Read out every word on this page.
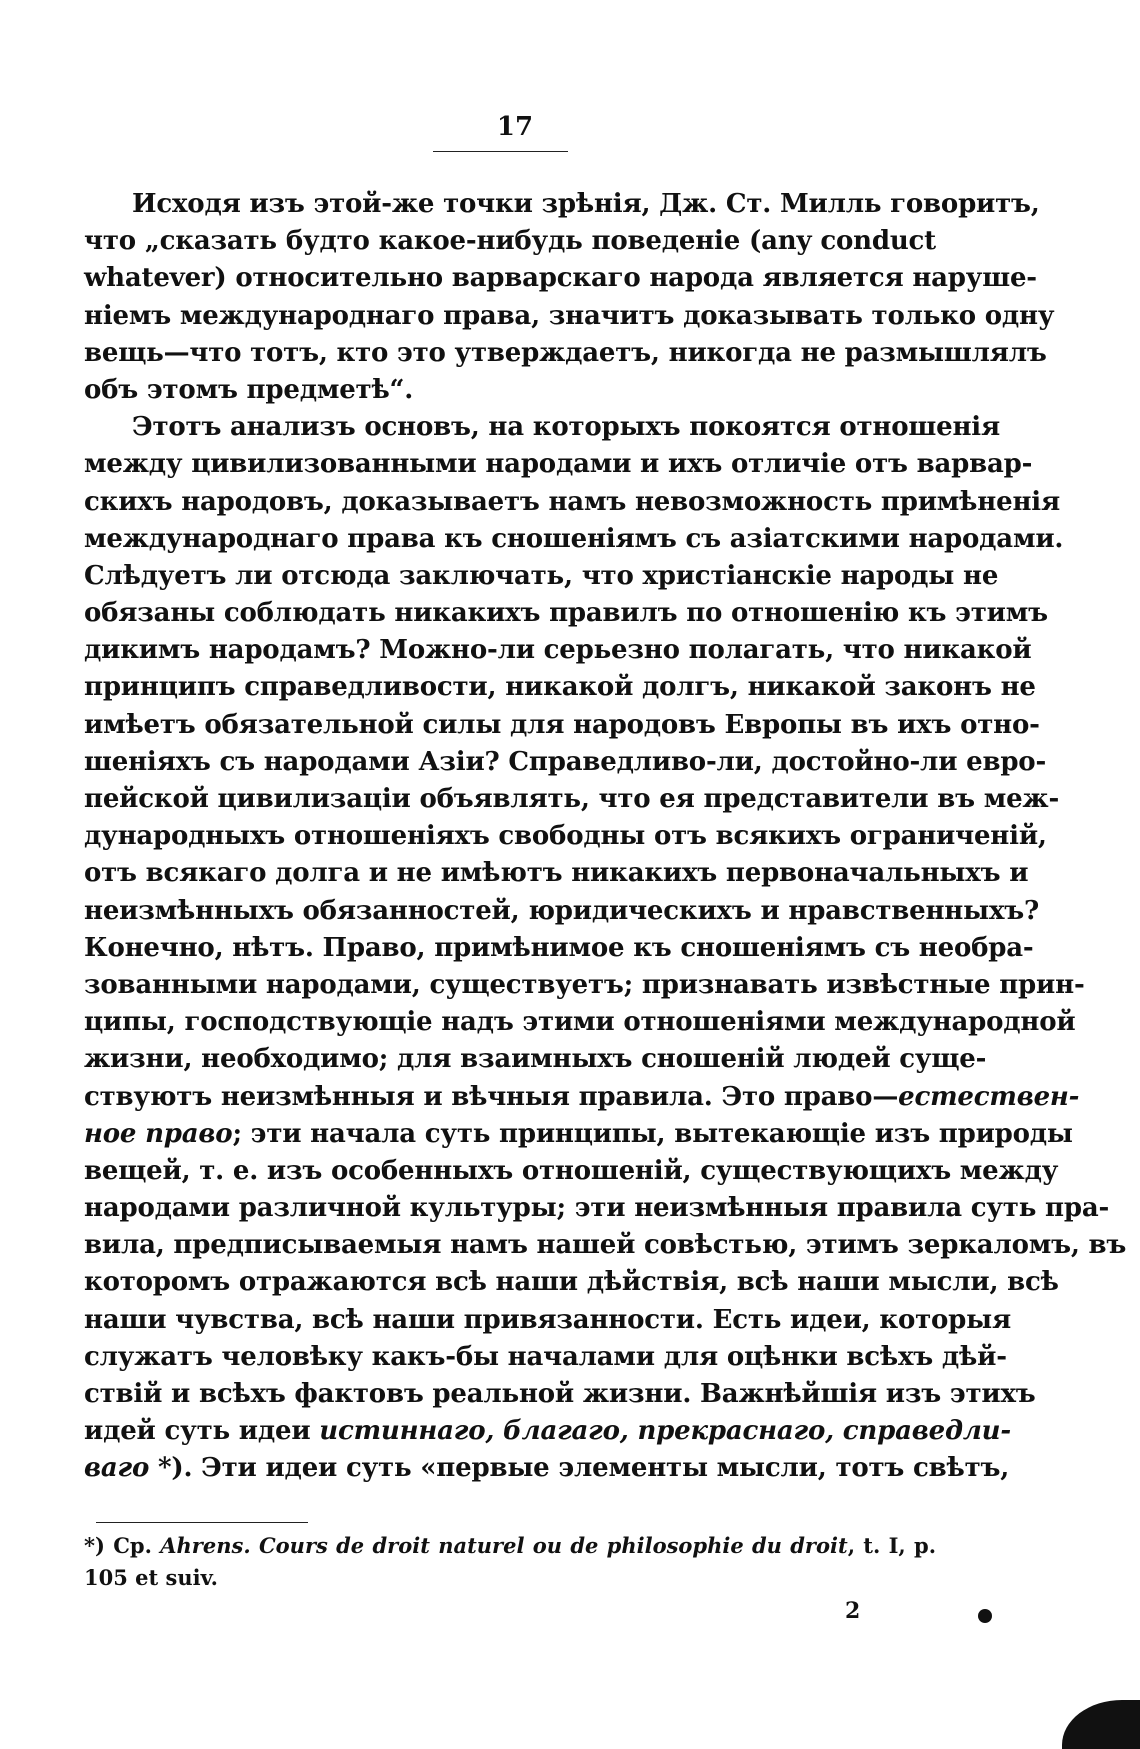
17
Исходя изъ этой-же точки зрѣнія, Дж. Ст. Милль говоритъ,
что „сказать будто какое-нибудь поведеніе (any conduct
whatever) относительно варварскаго народа является наруше-
ніемъ международнаго права, значитъ доказывать только одну
вещь—что тотъ, кто это утверждаетъ, никогда не размышлялъ
объ этомъ предметѣ“.
Этотъ анализъ основъ, на которыхъ покоятся отношенія
между цивилизованными народами и ихъ отличіе отъ варвар-
скихъ народовъ, доказываетъ намъ невозможность примѣненія
международнаго права къ сношеніямъ съ азіатскими народами.
Слѣдуетъ ли отсюда заключать, что христіанскіе народы не
обязаны соблюдать никакихъ правилъ по отношенію къ этимъ
дикимъ народамъ? Можно-ли серьезно полагать, что никакой
принципъ справедливости, никакой долгъ, никакой законъ не
имѣетъ обязательной силы для народовъ Европы въ ихъ отно-
шеніяхъ съ народами Азіи? Справедливо-ли, достойно-ли евро-
пейской цивилизаціи объявлять, что ея представители въ меж-
дународныхъ отношеніяхъ свободны отъ всякихъ ограниченій,
отъ всякаго долга и не имѣютъ никакихъ первоначальныхъ и
неизмѣнныхъ обязанностей, юридическихъ и нравственныхъ?
Конечно, нѣтъ. Право, примѣнимое къ сношеніямъ съ необра-
зованными народами, существуетъ; признавать извѣстные прин-
ципы, господствующіе надъ этими отношеніями международной
жизни, необходимо; для взаимныхъ сношеній людей суще-
ствуютъ неизмѣнныя и вѣчныя правила. Это право—естествен-
ное право; эти начала суть принципы, вытекающіе изъ природы
вещей, т. е. изъ особенныхъ отношеній, существующихъ между
народами различной культуры; эти неизмѣнныя правила суть пра-
вила, предписываемыя намъ нашей совѣстью, этимъ зеркаломъ, въ
которомъ отражаются всѣ наши дѣйствія, всѣ наши мысли, всѣ
наши чувства, всѣ наши привязанности. Есть идеи, которыя
служатъ человѣку какъ-бы началами для оцѣнки всѣхъ дѣй-
ствій и всѣхъ фактовъ реальной жизни. Важнѣйшія изъ этихъ
идей суть идеи истиннаго, благаго, прекраснаго, справедли-
ваго *). Эти идеи суть «первые элементы мысли, тотъ свѣтъ,
*) Ср. Ahrens. Cours de droit naturel ou de philosophie du droit, t. I, p.
105 et suiv.
2
